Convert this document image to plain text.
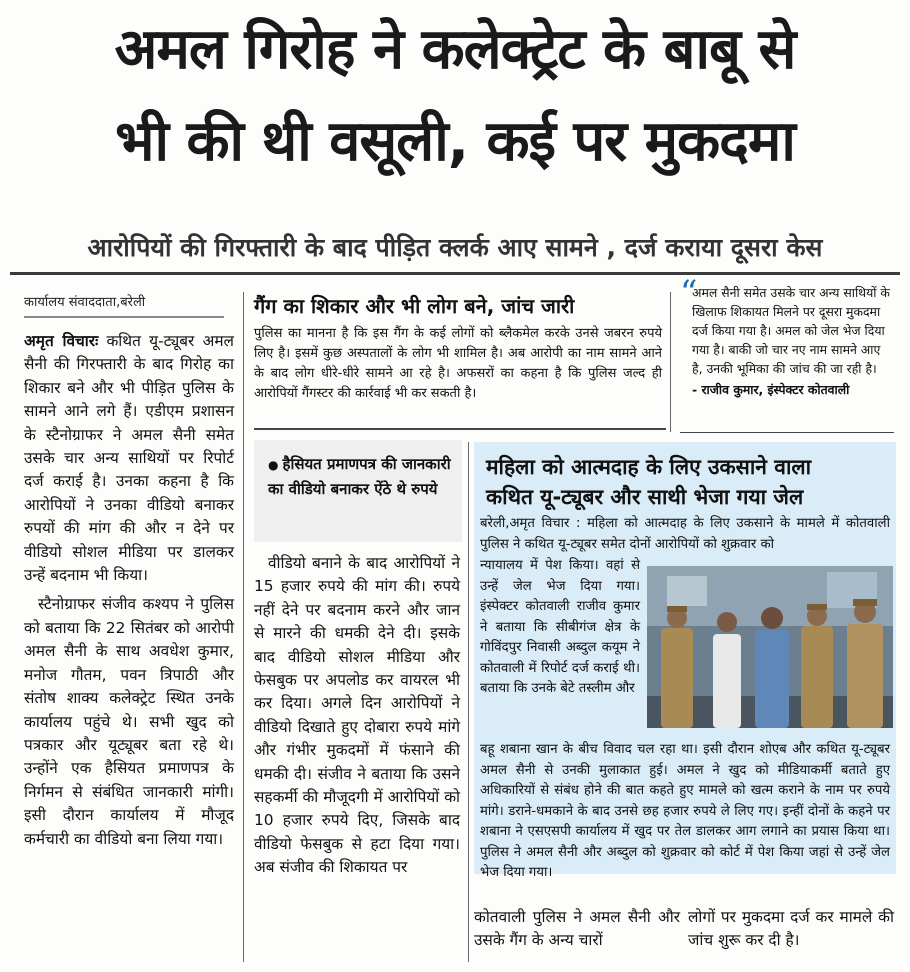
अमल गिरोह ने कलेक्ट्रेट के बाबू से
भी की थी वसूली, कई पर मुकदमा
आरोपियों की गिरफ्तारी के बाद पीड़ित क्लर्क आए सामने , दर्ज कराया दूसरा केस
कार्यालय संवाददाता,बरेली

अमृत विचारः कथित यू-ट्यूबर अमल सैनी की गिरफ्तारी के बाद गिरोह का शिकार बने और भी पीड़ित पुलिस के सामने आने लगे हैं। एडीएम प्रशासन के स्टैनोग्राफर ने अमल सैनी समेत उसके चार अन्य साथियों पर रिपोर्ट दर्ज कराई है। उनका कहना है कि आरोपियों ने उनका वीडियो बनाकर रुपयों की मांग की और न देने पर वीडियो सोशल मीडिया पर डालकर उन्हें बदनाम भी किया।

स्टैनोग्राफर संजीव कश्यप ने पुलिस को बताया कि 22 सितंबर को आरोपी अमल सैनी के साथ अवधेश कुमार, मनोज गौतम, पवन त्रिपाठी और संतोष शाक्य कलेक्ट्रेट स्थित उनके कार्यालय पहुंचे थे। सभी खुद को पत्रकार और यूट्यूबर बता रहे थे। उन्होंने एक हैसियत प्रमाणपत्र के निर्गमन से संबंधित जानकारी मांगी। इसी दौरान कार्यालय में मौजूद कर्मचारी का वीडियो बना लिया गया।

गैंग का शिकार और भी लोग बने, जांच जारी
पुलिस का मानना है कि इस गैंग के कई लोगों को ब्लैकमेल करके उनसे जबरन रुपये लिए है। इसमें कुछ अस्पतालों के लोग भी शामिल है। अब आरोपी का नाम सामने आने के बाद लोग धीरे-धीरे सामने आ रहे है। अफसरों का कहना है कि पुलिस जल्द ही आरोपियों गैंगस्टर की कार्रवाई भी कर सकती है।
“
अमल सैनी समेत उसके चार अन्य साथियों के खिलाफ शिकायत मिलने पर दूसरा मुकदमा दर्ज किया गया है। अमल को जेल भेज दिया गया है। बाकी जो चार नए नाम सामने आए है, उनकी भूमिका की जांच की जा रही है।
- राजीव कुमार, इंस्पेक्टर कोतवाली
● हैसियत प्रमाणपत्र की जानकारी का वीडियो बनाकर ऐंठे थे रुपये

वीडियो बनाने के बाद आरोपियों ने 15 हजार रुपये की मांग की। रुपये नहीं देने पर बदनाम करने और जान से मारने की धमकी देने दी। इसके बाद वीडियो सोशल मीडिया और फेसबुक पर अपलोड कर वायरल भी कर दिया। अगले दिन आरोपियों ने वीडियो दिखाते हुए दोबारा रुपये मांगे और गंभीर मुकदमों में फंसाने की धमकी दी। संजीव ने बताया कि उसने सहकर्मी की मौजूदगी में आरोपियों को 10 हजार रुपये दिए, जिसके बाद वीडियो फेसबुक से हटा दिया गया। अब संजीव की शिकायत पर

महिला को आत्मदाह के लिए उकसाने वाला
कथित यू-ट्यूबर और साथी भेजा गया जेल
बरेली,अमृत विचार : महिला को आत्मदाह के लिए उकसाने के मामले में कोतवाली पुलिस ने कथित यू-ट्यूबर समेत दोनों आरोपियों को शुक्रवार को
न्यायालय में पेश किया। वहां से उन्हें जेल भेज दिया गया। इंस्पेक्टर कोतवाली राजीव कुमार ने बताया कि सीबीगंज क्षेत्र के गोविंदपुर निवासी अब्दुल कयूम ने कोतवाली में रिपोर्ट दर्ज कराई थी। बताया कि उनके बेटे तस्लीम और
बहू शबाना खान के बीच विवाद चल रहा था। इसी दौरान शोएब और कथित यू-ट्यूबर अमल सैनी से उनकी मुलाकात हुई। अमल ने खुद को मीडियाकर्मी बताते हुए अधिकारियों से संबंध होने की बात कहते हुए मामले को खत्म कराने के नाम पर रुपये मांगे। डराने-धमकाने के बाद उनसे छह हजार रुपये ले लिए गए। इन्हीं दोनों के कहने पर शबाना ने एसएसपी कार्यालय में खुद पर तेल डालकर आग लगाने का प्रयास किया था। पुलिस ने अमल सैनी और अब्दुल को शुक्रवार को कोर्ट में पेश किया जहां से उन्हें जेल भेज दिया गया।
कोतवाली पुलिस ने अमल सैनी और उसके गैंग के अन्य चारों
लोगों पर मुकदमा दर्ज कर मामले की जांच शुरू कर दी है।
